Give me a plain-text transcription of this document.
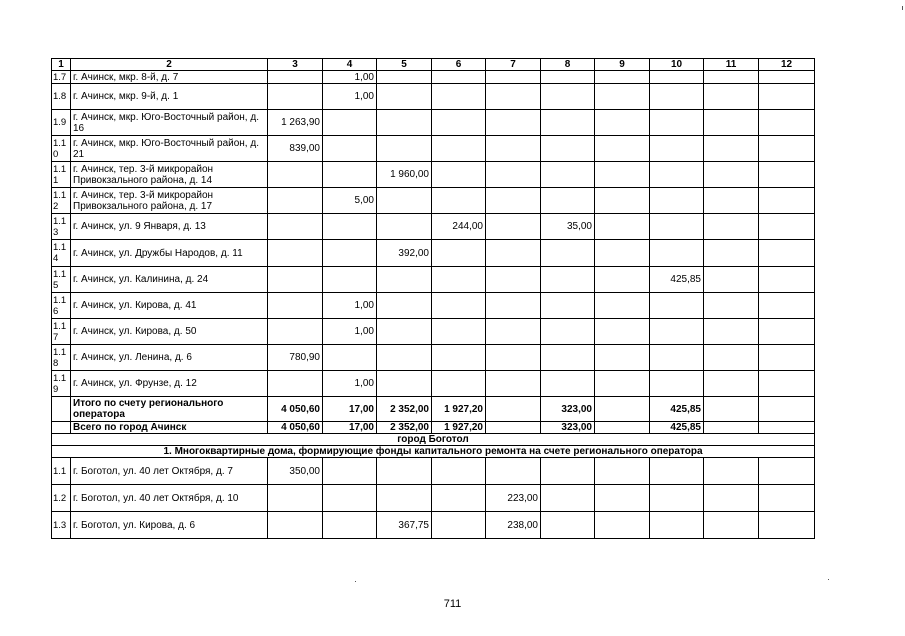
1	2	3	4	5	6	7	8	9	10	11	12
1.7	г. Ачинск, мкр. 8-й, д. 7		1,00								
1.8	г. Ачинск, мкр. 9-й, д. 1		1,00								
1.9	г. Ачинск, мкр. Юго-Восточный район, д. 16	1 263,90									
1.1 0	г. Ачинск, мкр. Юго-Восточный район, д. 21	839,00									
1.1 1	г. Ачинск, тер. 3-й микрорайон Привокзального района, д. 14			1 960,00							
1.1 2	г. Ачинск, тер. 3-й микрорайон Привокзального района, д. 17		5,00								
1.1 3	г. Ачинск, ул. 9 Января, д. 13				244,00		35,00				
1.1 4	г. Ачинск, ул. Дружбы Народов, д. 11			392,00							
1.1 5	г. Ачинск, ул. Калинина, д. 24								425,85		
1.1 6	г. Ачинск, ул. Кирова, д. 41		1,00								
1.1 7	г. Ачинск, ул. Кирова, д. 50		1,00								
1.1 8	г. Ачинск, ул. Ленина, д. 6	780,90									
1.1 9	г. Ачинск, ул. Фрунзе, д. 12		1,00								
	Итого по счету регионального оператора	4 050,60	17,00	2 352,00	1 927,20		323,00		425,85		
	Всего по город Ачинск	4 050,60	17,00	2 352,00	1 927,20		323,00		425,85		
город Боготол											
1. Многоквартирные дома, формирующие фонды капитального ремонта на счете регионального оператора											
1.1	г. Боготол, ул. 40 лет Октября, д. 7	350,00									
1.2	г. Боготол, ул. 40 лет Октября, д. 10					223,00					
1.3	г. Боготол, ул. Кирова, д. 6			367,75		238,00					
711
